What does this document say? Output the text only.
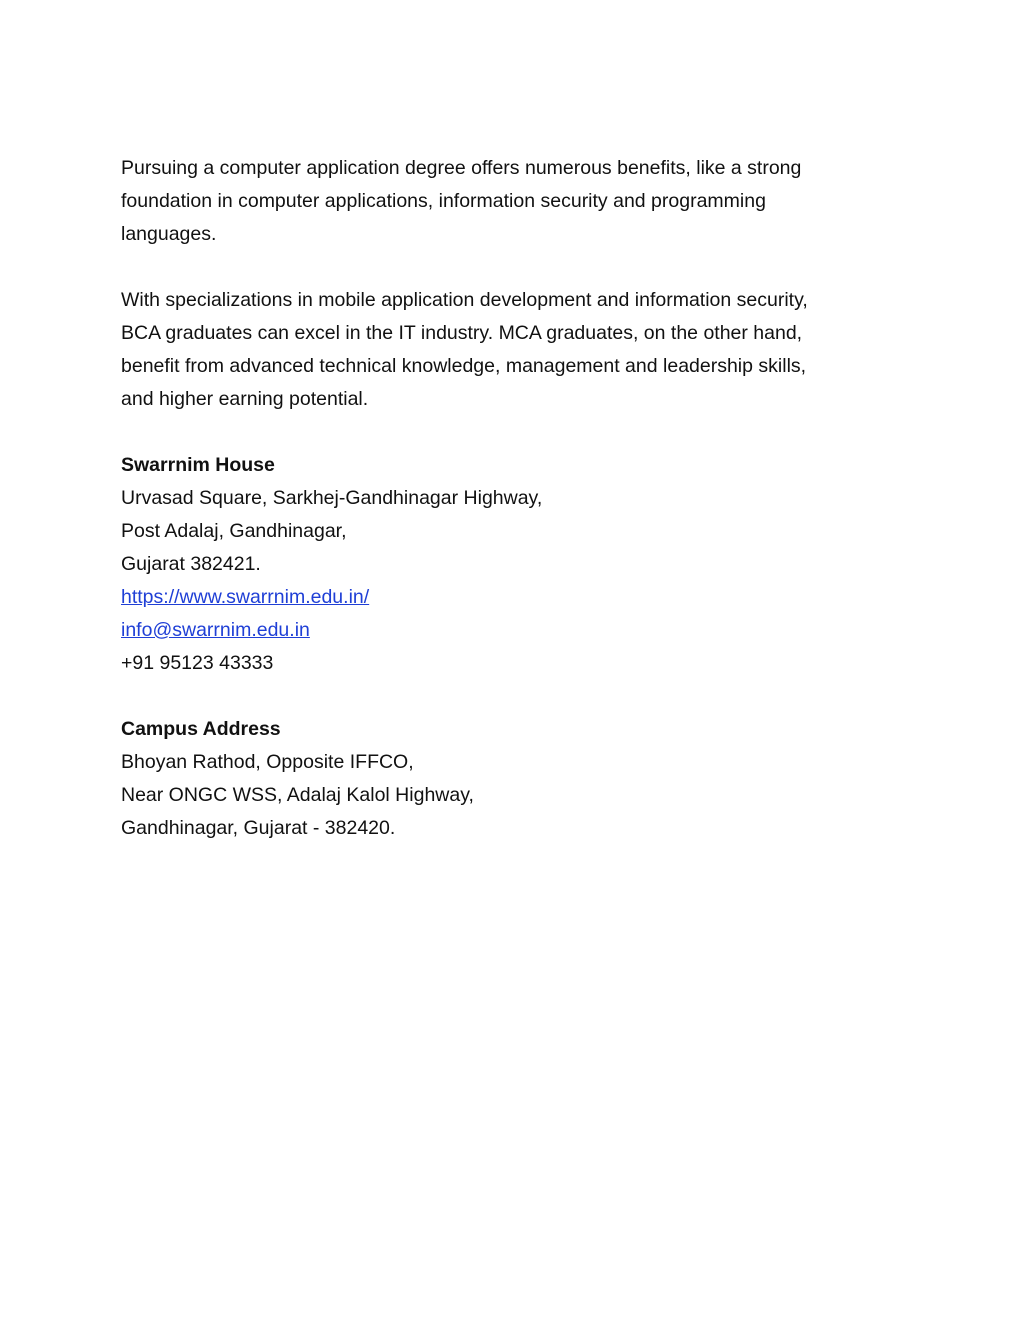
Pursuing a computer application degree offers numerous benefits, like a strong
foundation in computer applications, information security and programming
languages.
With specializations in mobile application development and information security,
BCA graduates can excel in the IT industry. MCA graduates, on the other hand,
benefit from advanced technical knowledge, management and leadership skills,
and higher earning potential.
Swarrnim House
Urvasad Square, Sarkhej-Gandhinagar Highway,
Post Adalaj, Gandhinagar,
Gujarat 382421.
https://www.swarrnim.edu.in/
info@swarrnim.edu.in
+91 95123 43333
Campus Address
Bhoyan Rathod, Opposite IFFCO,
Near ONGC WSS, Adalaj Kalol Highway,
Gandhinagar, Gujarat - 382420.
